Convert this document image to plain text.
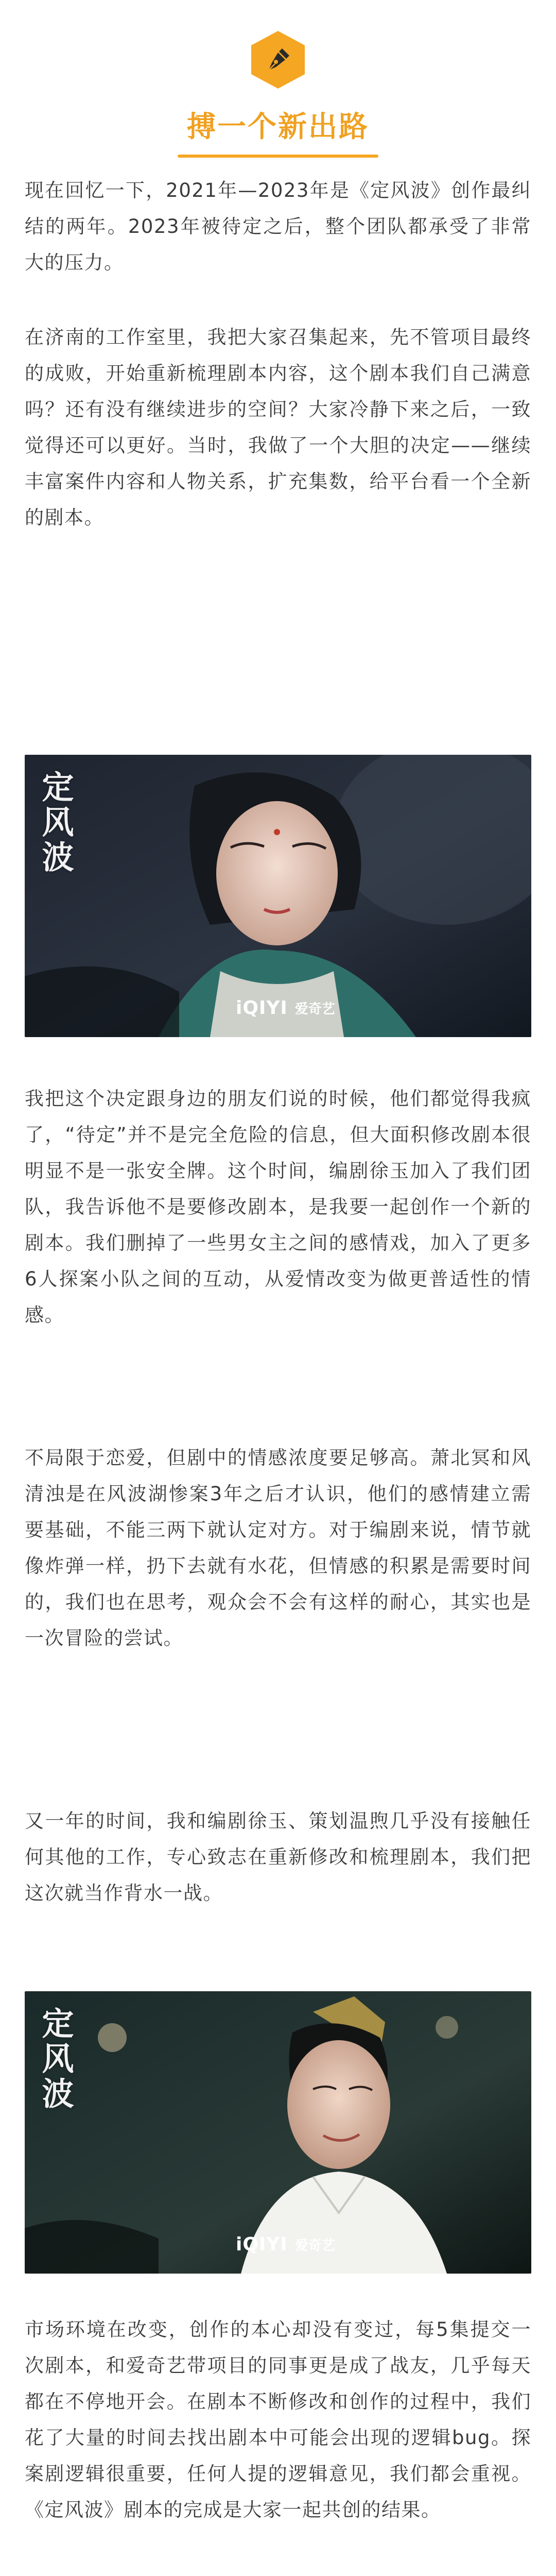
搏一个新出路

现在回忆一下，2021年—2023年是《定风波》创作最纠结的两年。2023年被待定之后，整个团队都承受了非常大的压力。

在济南的工作室里，我把大家召集起来，先不管项目最终的成败，开始重新梳理剧本内容，这个剧本我们自己满意吗？还有没有继续进步的空间？大家冷静下来之后，一致觉得还可以更好。当时，我做了一个大胆的决定——继续丰富案件内容和人物关系，扩充集数，给平台看一个全新的剧本。

定风波
iQIYI 爱奇艺

我把这个决定跟身边的朋友们说的时候，他们都觉得我疯了，“待定”并不是完全危险的信息，但大面积修改剧本很明显不是一张安全牌。这个时间，编剧徐玉加入了我们团队，我告诉他不是要修改剧本，是我要一起创作一个新的剧本。我们删掉了一些男女主之间的感情戏，加入了更多6人探案小队之间的互动，从爱情改变为做更普适性的情感。

不局限于恋爱，但剧中的情感浓度要足够高。萧北冥和风清浊是在风波湖惨案3年之后才认识，他们的感情建立需要基础，不能三两下就认定对方。对于编剧来说，情节就像炸弹一样，扔下去就有水花，但情感的积累是需要时间的，我们也在思考，观众会不会有这样的耐心，其实也是一次冒险的尝试。

又一年的时间，我和编剧徐玉、策划温煦几乎没有接触任何其他的工作，专心致志在重新修改和梳理剧本，我们把这次就当作背水一战。

定风波
iQIYI 爱奇艺

市场环境在改变，创作的本心却没有变过，每5集提交一次剧本，和爱奇艺带项目的同事更是成了战友，几乎每天都在不停地开会。在剧本不断修改和创作的过程中，我们花了大量的时间去找出剧本中可能会出现的逻辑bug。探案剧逻辑很重要，任何人提的逻辑意见，我们都会重视。《定风波》剧本的完成是大家一起共创的结果。
